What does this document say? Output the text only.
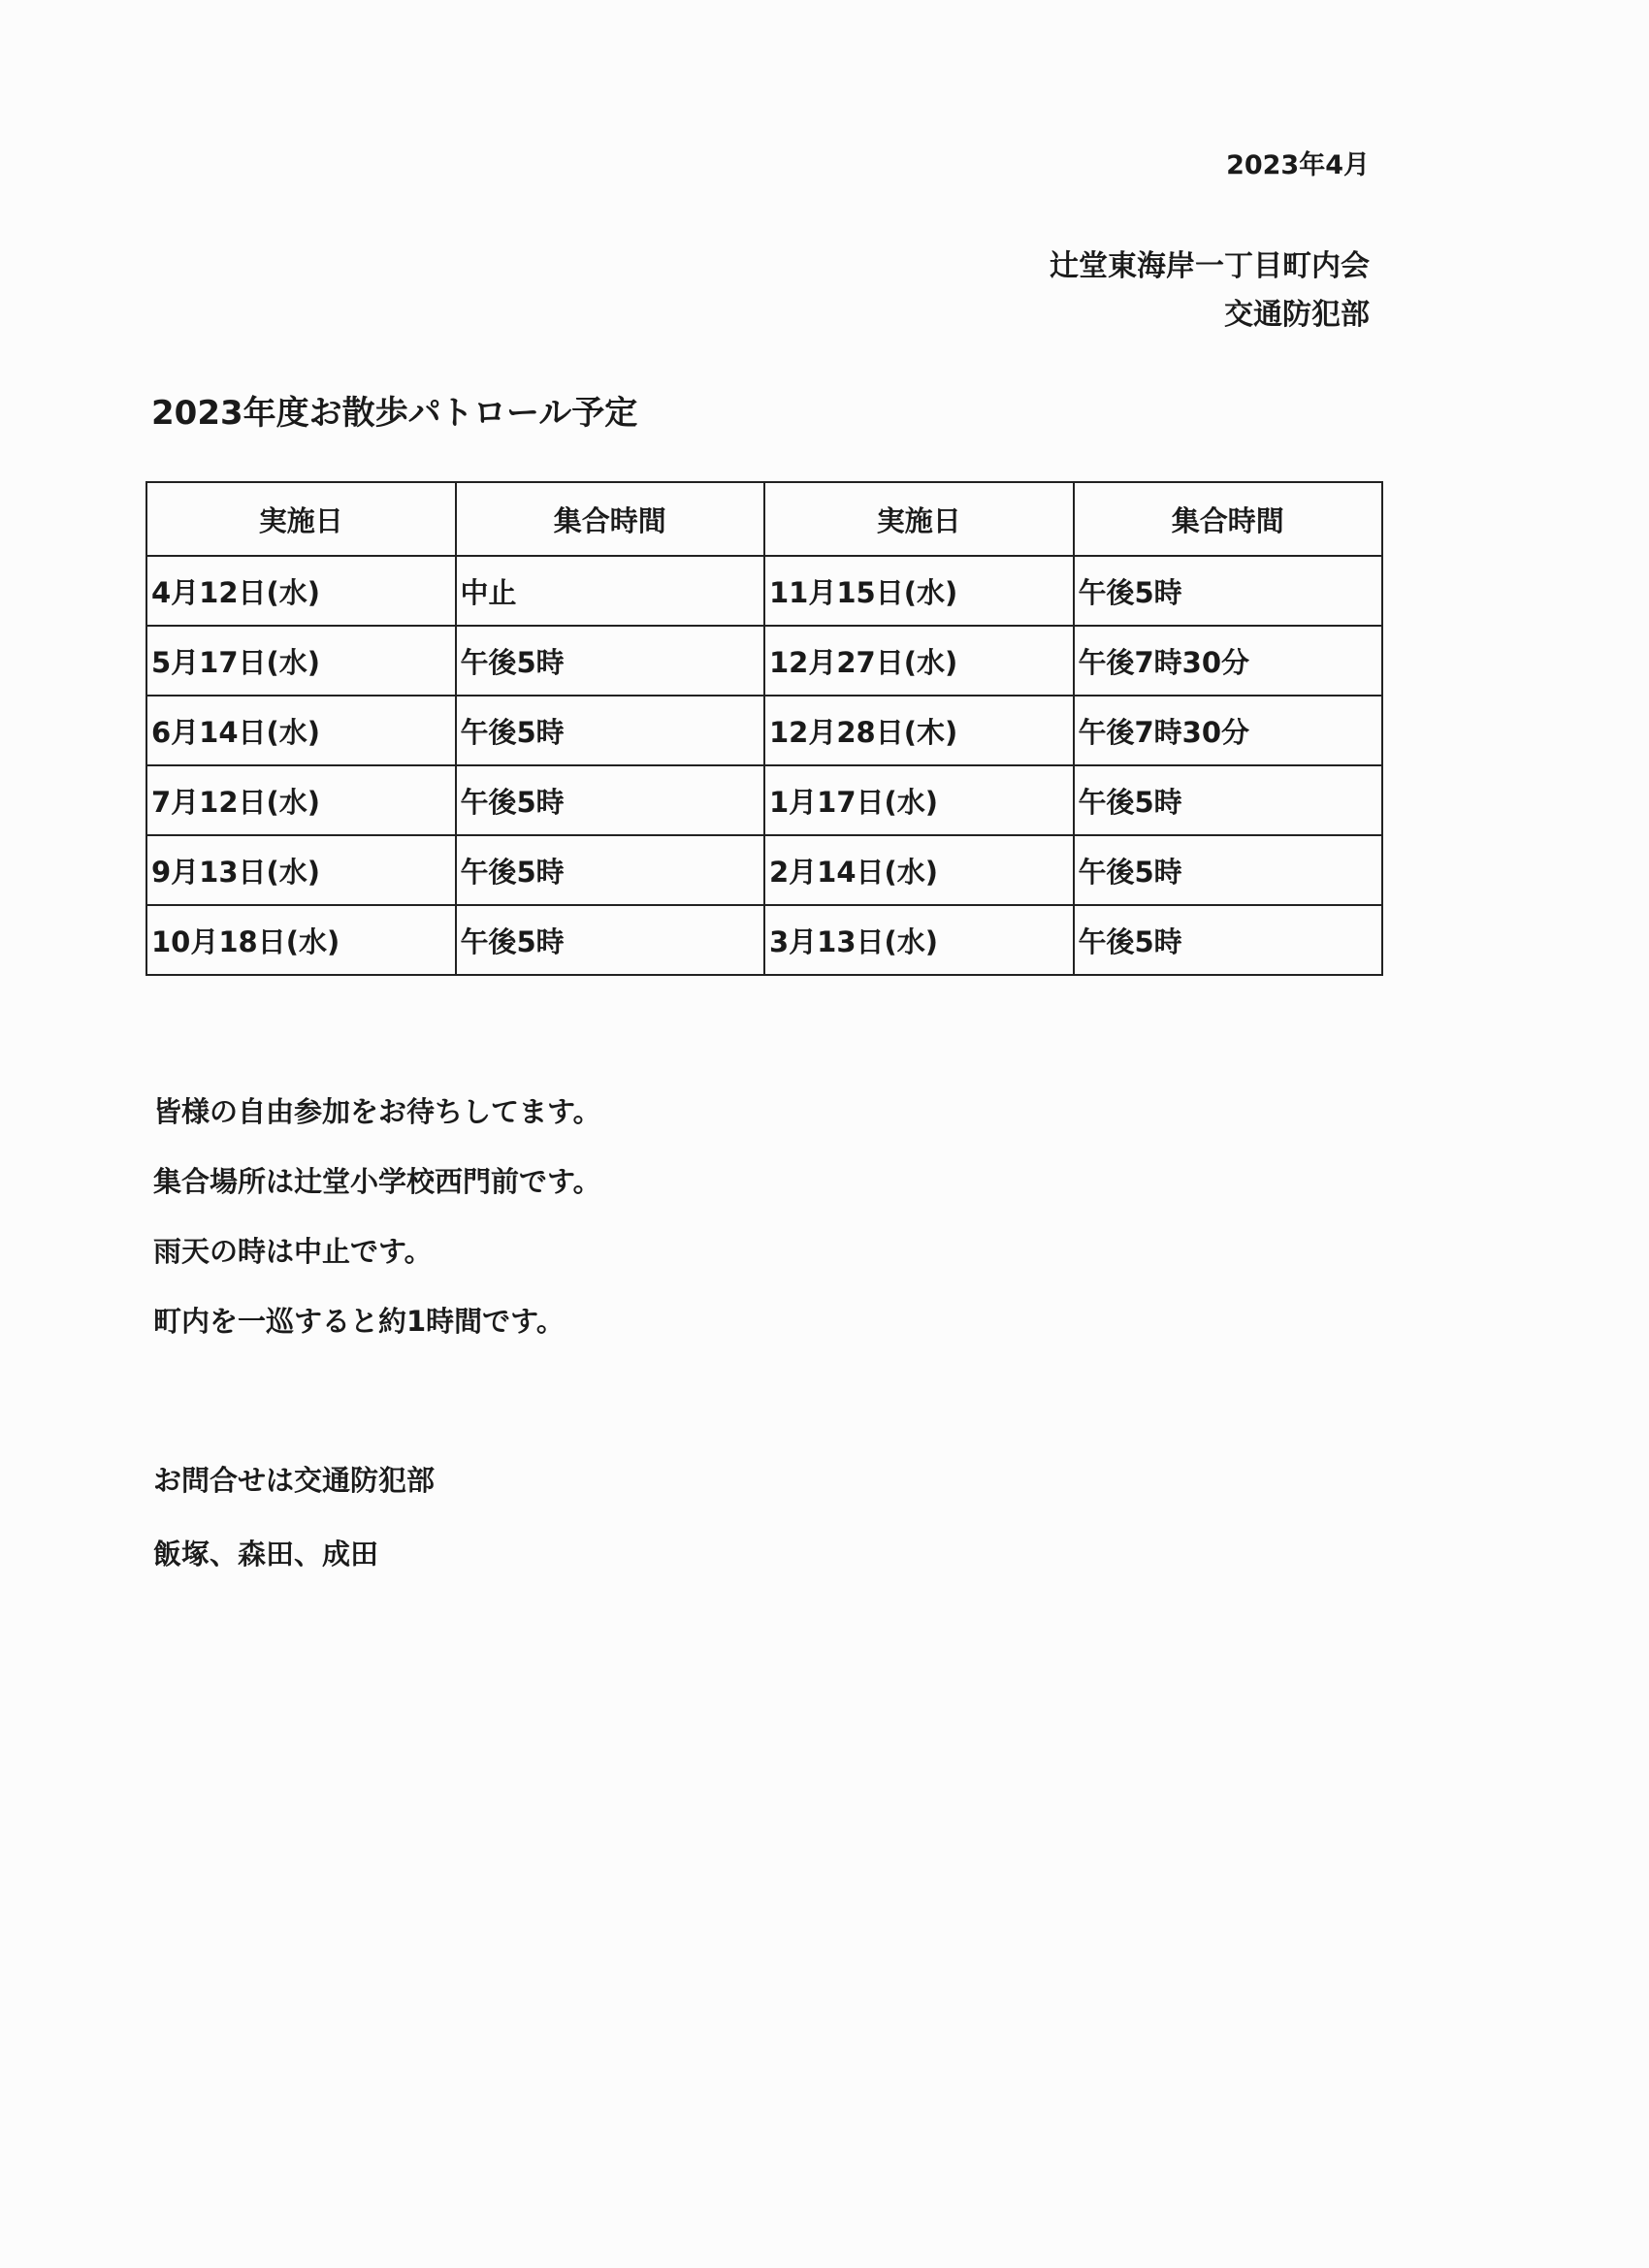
2023年4月
辻堂東海岸一丁目町内会
交通防犯部
2023年度お散歩パトロール予定
実施日	集合時間	実施日	集合時間
4月12日(水)	中止	11月15日(水)	午後5時
5月17日(水)	午後5時	12月27日(水)	午後7時30分
6月14日(水)	午後5時	12月28日(木)	午後7時30分
7月12日(水)	午後5時	1月17日(水)	午後5時
9月13日(水)	午後5時	2月14日(水)	午後5時
10月18日(水)	午後5時	3月13日(水)	午後5時

皆様の自由参加をお待ちしてます。

集合場所は辻堂小学校西門前です。

雨天の時は中止です。

町内を一巡すると約1時間です。

お問合せは交通防犯部

飯塚、森田、成田
